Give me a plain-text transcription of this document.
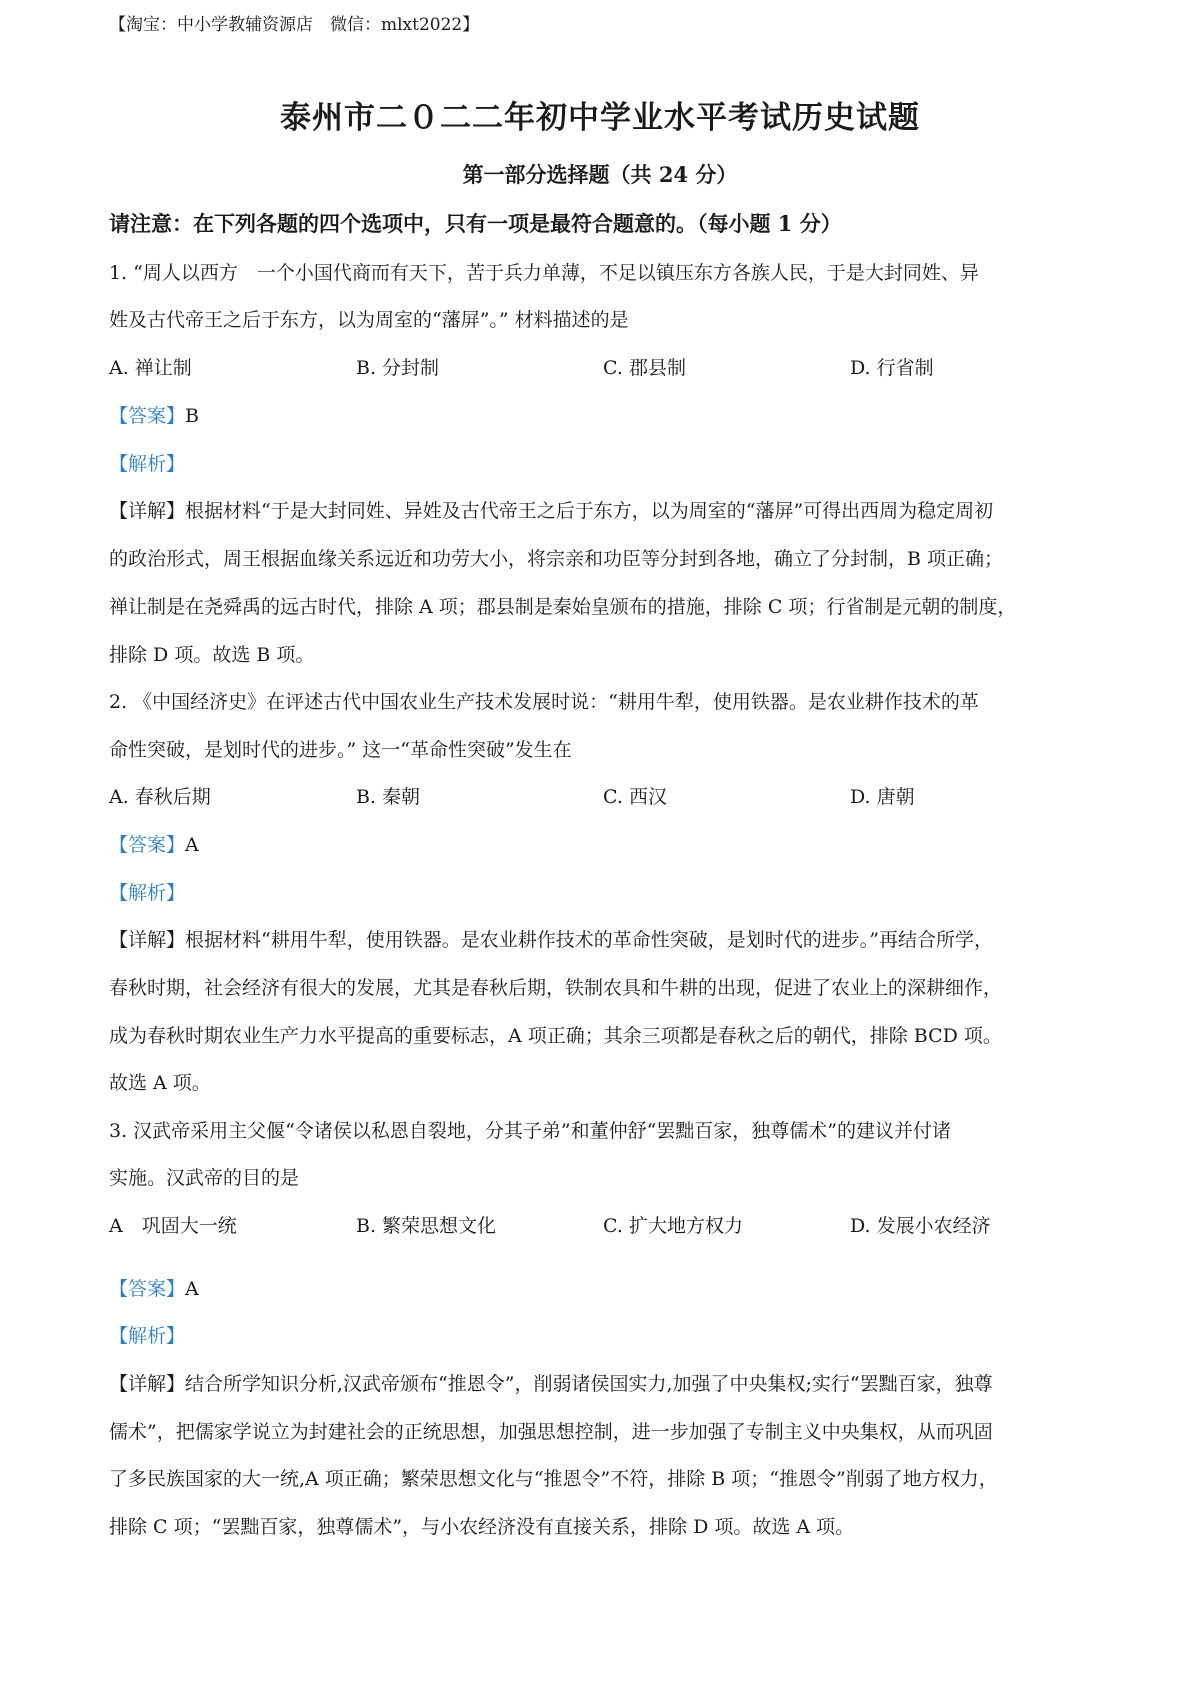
【淘宝：中小学教辅资源店　微信：mlxt2022】
泰州市二０二二年初中学业水平考试历史试题
第一部分选择题（共 24 分）
请注意：在下列各题的四个选项中，只有一项是最符合题意的。（每小题 1 分）
1. “周人以西方　一个小国代商而有天下，苦于兵力单薄，不足以镇压东方各族人民，于是大封同姓、异
姓及古代帝王之后于东方，以为周室的“藩屏”。” 材料描述的是
A. 禅让制	B. 分封制	C. 郡县制	D. 行省制
【答案】B
【解析】
【详解】根据材料“于是大封同姓、异姓及古代帝王之后于东方，以为周室的“藩屏”可得出西周为稳定周初
的政治形式，周王根据血缘关系远近和功劳大小，将宗亲和功臣等分封到各地，确立了分封制，B 项正确；
禅让制是在尧舜禹的远古时代，排除 A 项；郡县制是秦始皇颁布的措施，排除 C 项；行省制是元朝的制度，
排除 D 项。故选 B 项。
2. 《中国经济史》在评述古代中国农业生产技术发展时说：“耕用牛犁，使用铁器。是农业耕作技术的革
命性突破，是划时代的进步。” 这一“革命性突破”发生在
A. 春秋后期	B. 秦朝	C. 西汉	D. 唐朝
【答案】A
【解析】
【详解】根据材料“耕用牛犁，使用铁器。是农业耕作技术的革命性突破，是划时代的进步。”再结合所学，
春秋时期，社会经济有很大的发展，尤其是春秋后期，铁制农具和牛耕的出现，促进了农业上的深耕细作，
成为春秋时期农业生产力水平提高的重要标志，A 项正确；其余三项都是春秋之后的朝代，排除 BCD 项。
故选 A 项。
3. 汉武帝采用主父偃“令诸侯以私恩自裂地，分其子弟”和董仲舒“罢黜百家，独尊儒术”的建议并付诸
实施。汉武帝的目的是
A　巩固大一统	B. 繁荣思想文化	C. 扩大地方权力	D. 发展小农经济
【答案】A
【解析】
【详解】结合所学知识分析,汉武帝颁布“推恩令”，削弱诸侯国实力,加强了中央集权;实行“罢黜百家，独尊
儒术”，把儒家学说立为封建社会的正统思想，加强思想控制，进一步加强了专制主义中央集权，从而巩固
了多民族国家的大一统,A 项正确；繁荣思想文化与“推恩令”不符，排除 B 项；“推恩令”削弱了地方权力，
排除 C 项；“罢黜百家，独尊儒术”，与小农经济没有直接关系，排除 D 项。故选 A 项。
